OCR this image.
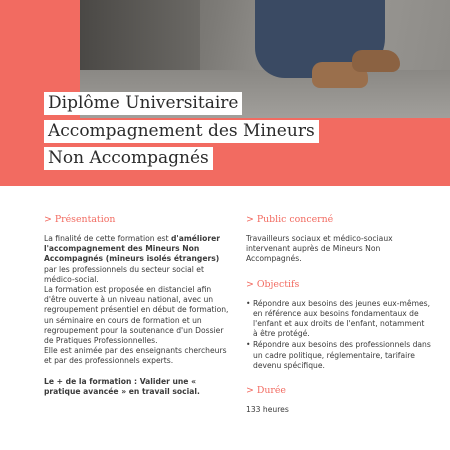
Diplôme Universitaire
Accompagnement des Mineurs
Non Accompagnés
> Présentation

La finalité de cette formation est d'améliorer l'accompagnement des Mineurs Non Accompagnés (mineurs isolés étrangers) par les professionnels du secteur social et médico-social.

La formation est proposée en distanciel afin d'être ouverte à un niveau national, avec un regroupement présentiel en début de formation, un séminaire en cours de formation et un regroupement pour la soutenance d'un Dossier de Pratiques Professionnelles.

Elle est animée par des enseignants chercheurs et par des professionnels experts.

Le + de la formation : Valider une « pratique avancée » en travail social.

> Public concerné

Travailleurs sociaux et médico-sociaux intervenant auprès de Mineurs Non Accompagnés.

> Objectifs
• Répondre aux besoins des jeunes eux-mêmes, en référence aux besoins fondamentaux de l'enfant et aux droits de l'enfant, notamment à être protégé.
• Répondre aux besoins des professionnels dans un cadre politique, réglementaire, tarifaire devenu spécifique.
> Durée

133 heures
